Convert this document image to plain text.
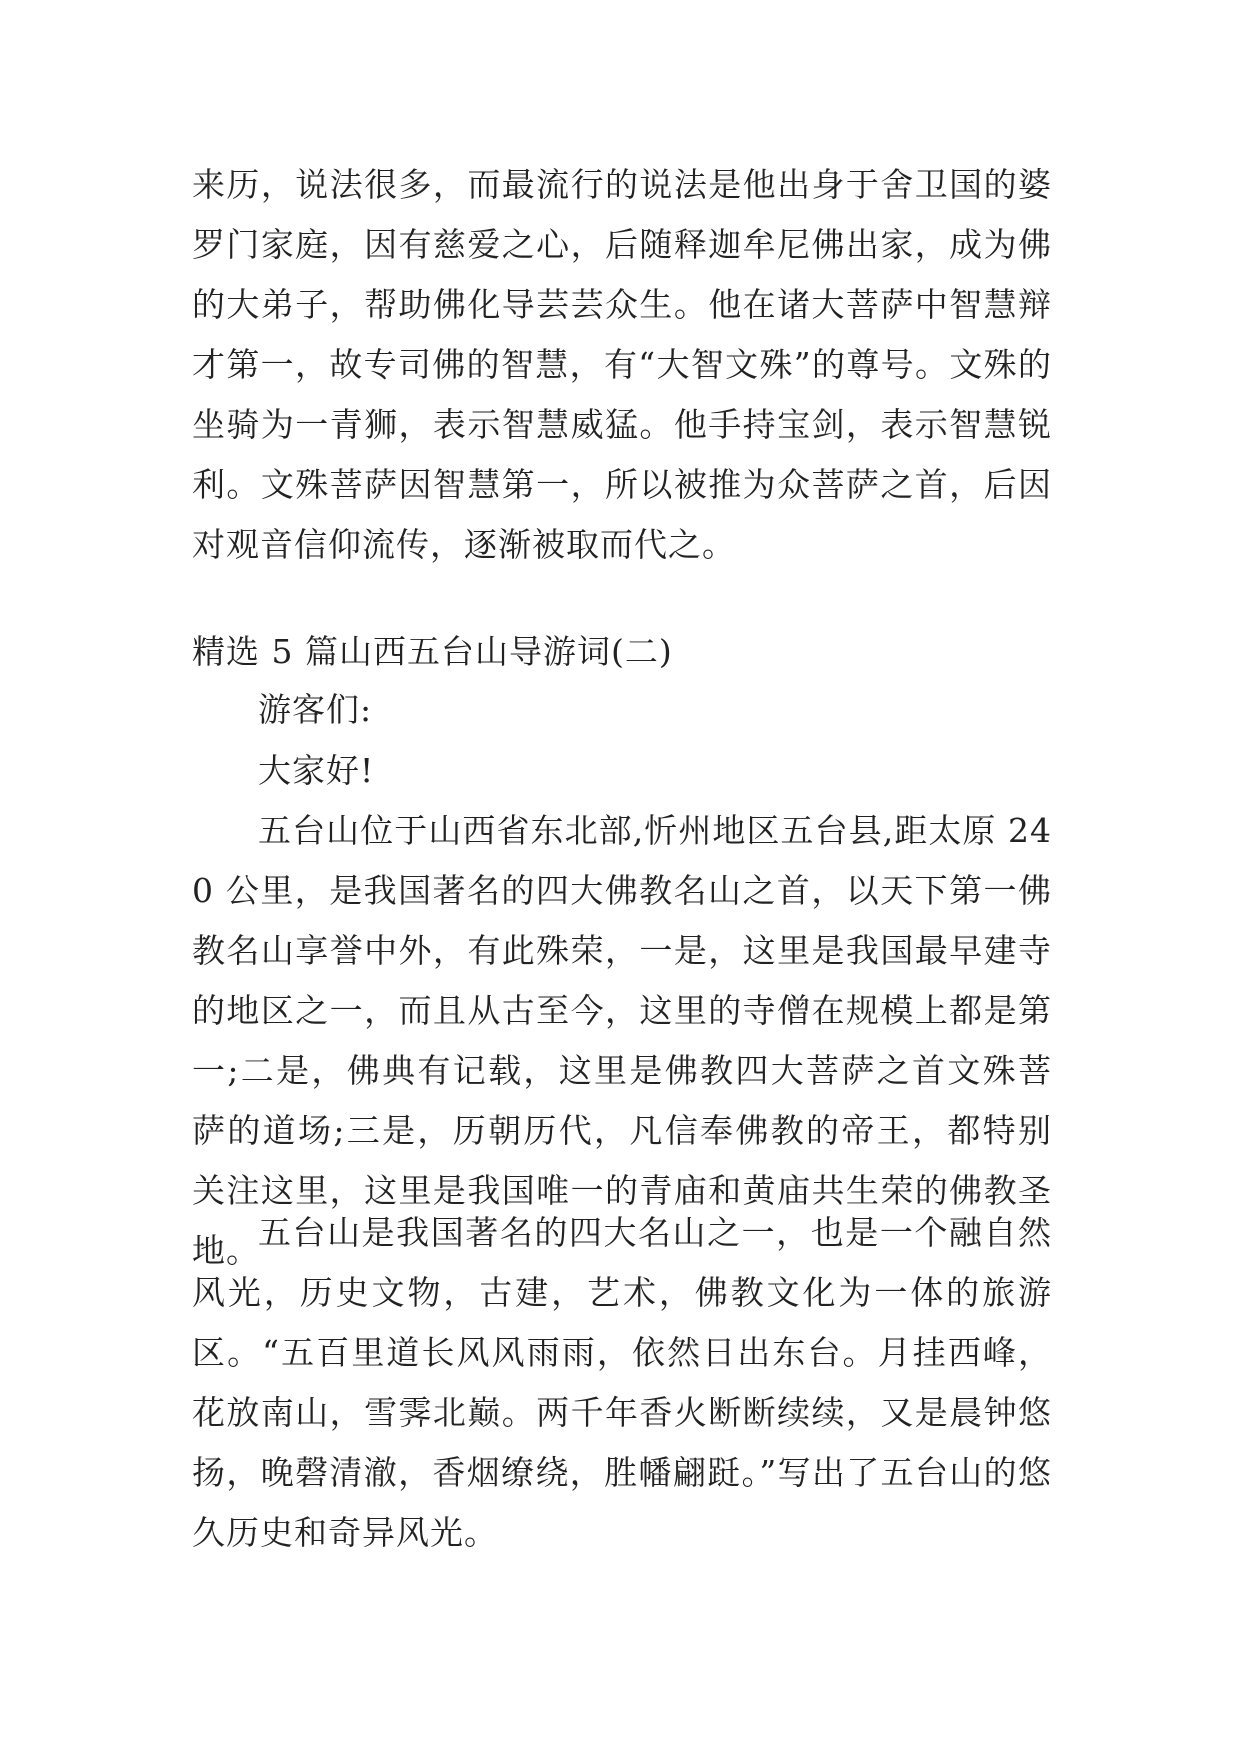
来历，说法很多，而最流行的说法是他出身于舍卫国的婆罗门家庭，因有慈爱之心，后随释迦牟尼佛出家，成为佛的大弟子，帮助佛化导芸芸众生。他在诸大菩萨中智慧辩才第一，故专司佛的智慧，有“大智文殊”的尊号。文殊的坐骑为一青狮，表示智慧威猛。他手持宝剑，表示智慧锐利。文殊菩萨因智慧第一，所以被推为众菩萨之首，后因对观音信仰流传，逐渐被取而代之。

精选 5 篇山西五台山导游词(二)

游客们:

大家好!

五台山位于山西省东北部,忻州地区五台县,距太原 240 公里，是我国著名的四大佛教名山之首，以天下第一佛教名山享誉中外，有此殊荣，一是，这里是我国最早建寺的地区之一，而且从古至今，这里的寺僧在规模上都是第一;二是，佛典有记载，这里是佛教四大菩萨之首文殊菩萨的道场;三是，历朝历代，凡信奉佛教的帝王，都特别关注这里，这里是我国唯一的青庙和黄庙共生荣的佛教圣地。

五台山是我国著名的四大名山之一，也是一个融自然风光，历史文物，古建，艺术，佛教文化为一体的旅游区。“五百里道长风风雨雨，依然日出东台。月挂西峰，花放南山，雪霁北巅。两千年香火断断续续，又是晨钟悠扬，晚磬清澈，香烟缭绕，胜幡翩跹。”写出了五台山的悠久历史和奇异风光。
